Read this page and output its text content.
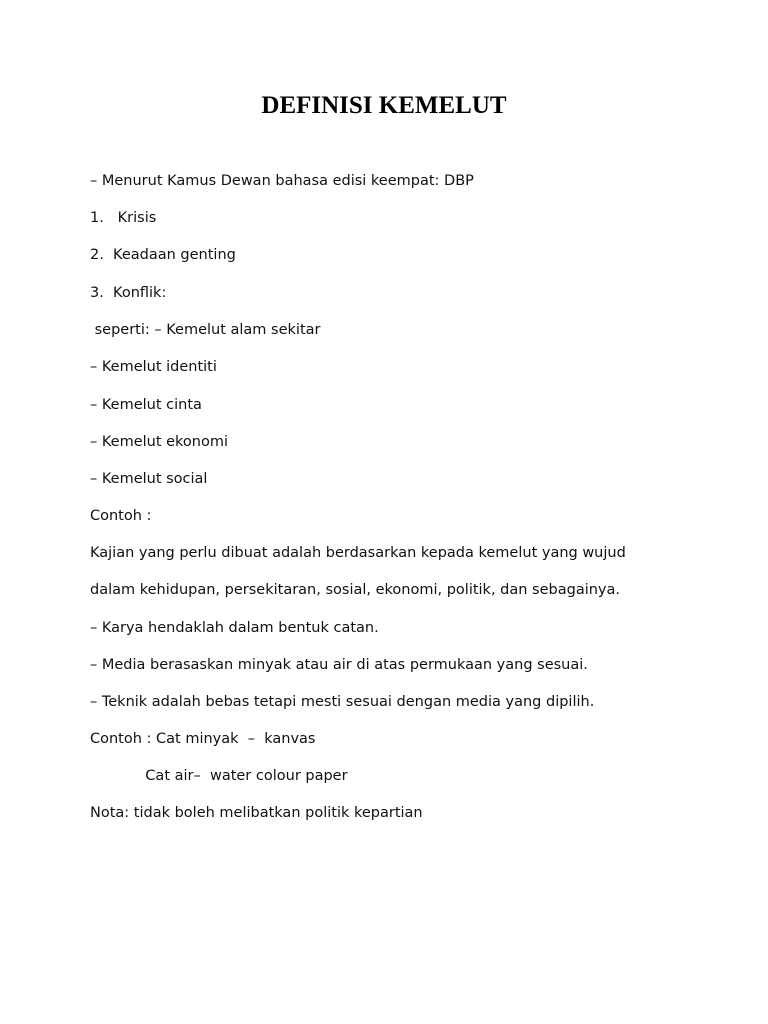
DEFINISI KEMELUT

– Menurut Kamus Dewan bahasa edisi keempat: DBP

1.   Krisis

2.  Keadaan genting

3.  Konflik:

seperti: – Kemelut alam sekitar

– Kemelut identiti

– Kemelut cinta

– Kemelut ekonomi

– Kemelut social

Contoh :

Kajian yang perlu dibuat adalah berdasarkan kepada kemelut yang wujud

dalam kehidupan, persekitaran, sosial, ekonomi, politik, dan sebagainya.

– Karya hendaklah dalam bentuk catan.

– Media berasaskan minyak atau air di atas permukaan yang sesuai.

– Teknik adalah bebas tetapi mesti sesuai dengan media yang dipilih.

Contoh : Cat minyak  –  kanvas

Cat air–  water colour paper

Nota: tidak boleh melibatkan politik kepartian
